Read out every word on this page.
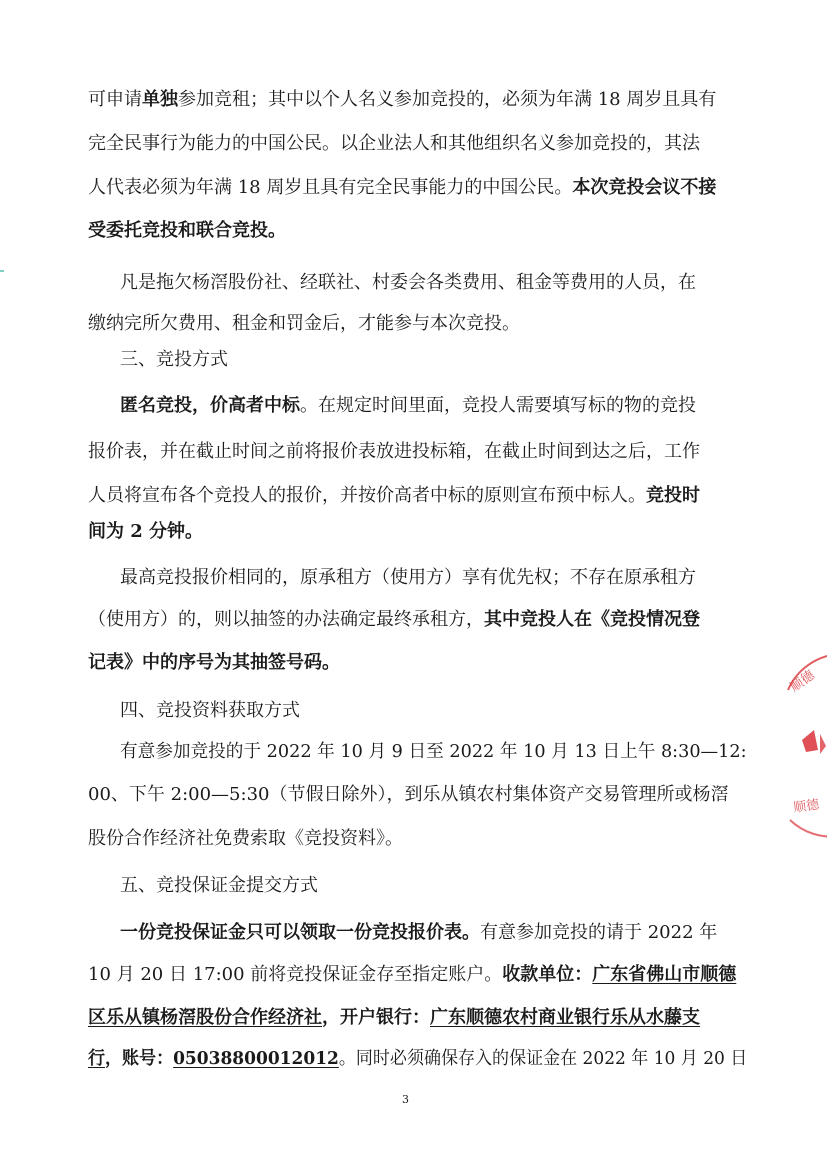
可申请单独参加竞租；其中以个人名义参加竞投的，必须为年满 18 周岁且具有
完全民事行为能力的中国公民。以企业法人和其他组织名义参加竞投的，其法
人代表必须为年满 18 周岁且具有完全民事能力的中国公民。本次竞投会议不接
受委托竞投和联合竞投。
凡是拖欠杨滘股份社、经联社、村委会各类费用、租金等费用的人员，在
缴纳完所欠费用、租金和罚金后，才能参与本次竞投。
三、竞投方式
匿名竞投，价高者中标。在规定时间里面，竞投人需要填写标的物的竞投
报价表，并在截止时间之前将报价表放进投标箱，在截止时间到达之后，工作
人员将宣布各个竞投人的报价，并按价高者中标的原则宣布预中标人。竞投时
间为 2 分钟。
最高竞投报价相同的，原承租方（使用方）享有优先权；不存在原承租方
（使用方）的，则以抽签的办法确定最终承租方，其中竞投人在《竞投情况登
记表》中的序号为其抽签号码。
四、竞投资料获取方式
有意参加竞投的于 2022 年 10 月 9 日至 2022 年 10 月 13 日上午 8:30—12:
00、下午 2:00—5:30（节假日除外），到乐从镇农村集体资产交易管理所或杨滘
股份合作经济社免费索取《竞投资料》。
五、竞投保证金提交方式
一份竞投保证金只可以领取一份竞投报价表。有意参加竞投的请于 2022 年
10 月 20 日 17:00 前将竞投保证金存至指定账户。收款单位：广东省佛山市顺德
区乐从镇杨滘股份合作经济社，开户银行：广东顺德农村商业银行乐从水藤支
行，账号：05038800012012。同时必须确保存入的保证金在 2022 年 10 月 20 日
3
顺德
顺德
